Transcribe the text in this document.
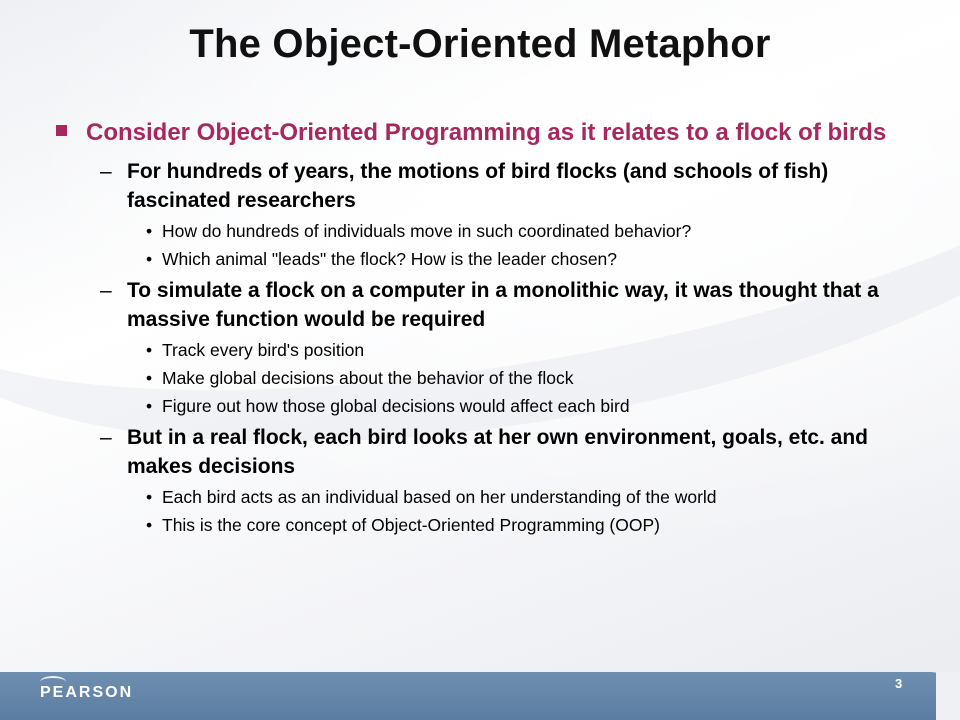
The Object-Oriented Metaphor
Consider Object-Oriented Programming as it relates to a flock of birds
– For hundreds of years, the motions of bird flocks (and schools of fish) fascinated researchers
• How do hundreds of individuals move in such coordinated behavior?
• Which animal "leads" the flock? How is the leader chosen?
– To simulate a flock on a computer in a monolithic way, it was thought that a massive function would be required
• Track every bird's position
• Make global decisions about the behavior of the flock
• Figure out how those global decisions would affect each bird
– But in a real flock, each bird looks at her own environment, goals, etc. and makes decisions
• Each bird acts as an individual based on her understanding of the world
• This is the core concept of Object-Oriented Programming (OOP)
PEARSON
3
